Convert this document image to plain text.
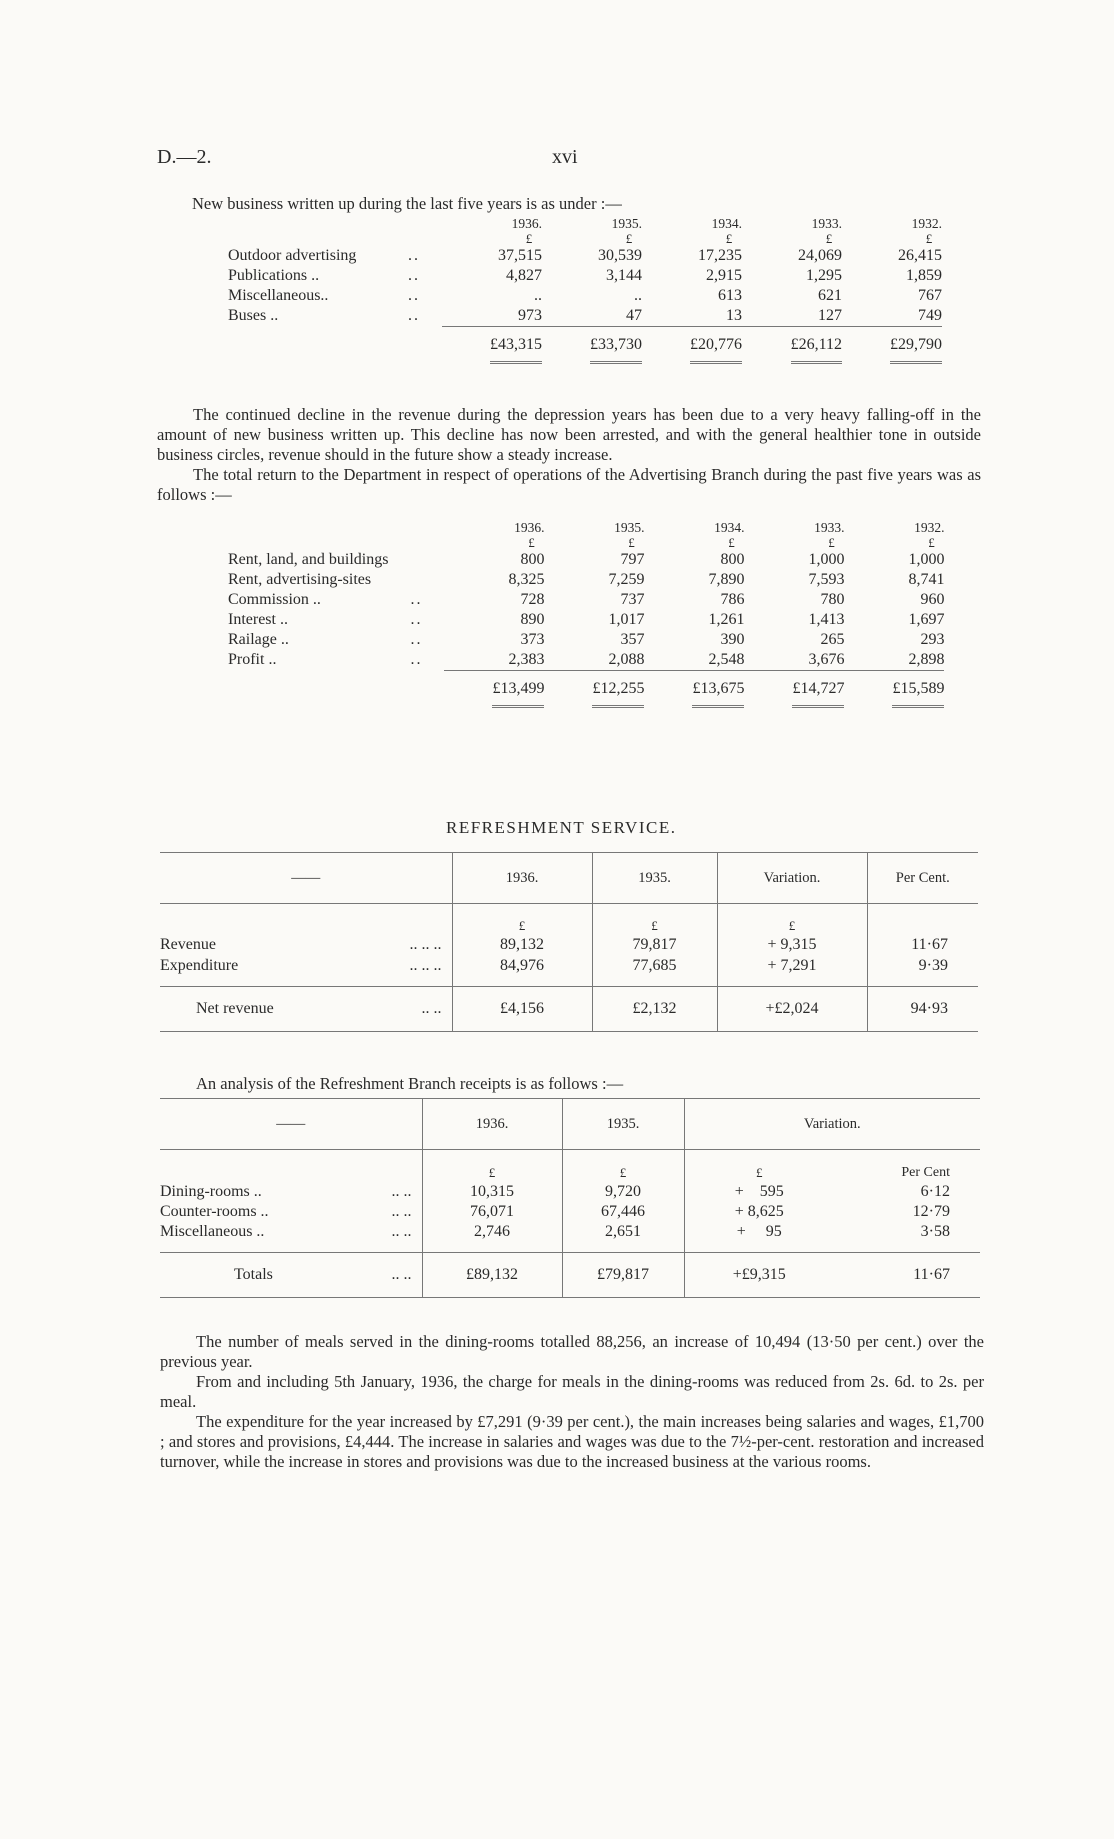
D.—2.	xvi

New business written up during the last five years is as under :—

		1936.	1935.	1934.	1933.	1932.
		£	£	£	£	£
Outdoor advertising	..	37,515	30,539	17,235	24,069	26,415
Publications ..	..	4,827	3,144	2,915	1,295	1,859
Miscellaneous..	..	..	..	613	621	767
Buses ..	..	973	47	13	127	749
		£43,315	£33,730	£20,776	£26,112	£29,790

The continued decline in the revenue during the depression years has been due to a very heavy falling-off in the amount of new business written up. This decline has now been arrested, and with the general healthier tone in outside business circles, revenue should in the future show a steady increase.

The total return to the Department in respect of operations of the Advertising Branch during the past five years was as follows :—

		1936.	1935.	1934.	1933.	1932.
		£	£	£	£	£
Rent, land, and buildings		800	797	800	1,000	1,000
Rent, advertising-sites		8,325	7,259	7,890	7,593	8,741
Commission ..	..	728	737	786	780	960
Interest ..	..	890	1,017	1,261	1,413	1,697
Railage ..	..	373	357	390	265	293
Profit ..	..	2,383	2,088	2,548	3,676	2,898
		£13,499	£12,255	£13,675	£14,727	£15,589
REFRESHMENT SERVICE.
——	1936.	1935.	Variation.	Per Cent.

	£	£	£	
Revenue .. .. ..	89,132	79,817	+ 9,315	11·67
Expenditure .. .. ..	84,976	77,685	+ 7,291	9·39

Net revenue .. ..	£4,156	£2,132	+£2,024	94·93

An analysis of the Refreshment Branch receipts is as follows :—

——	1936.	1935.	Variation.	

	£	£	£	Per Cent
Dining-rooms .. .. ..	10,315	9,720	+    595	6·12
Counter-rooms .. .. ..	76,071	67,446	+ 8,625	12·79
Miscellaneous .. .. ..	2,746	2,651	+     95	3·58

Totals .. ..	£89,132	£79,817	+£9,315	11·67

The number of meals served in the dining-rooms totalled 88,256, an increase of 10,494 (13·50 per cent.) over the previous year.

From and including 5th January, 1936, the charge for meals in the dining-rooms was reduced from 2s. 6d. to 2s. per meal.

The expenditure for the year increased by £7,291 (9·39 per cent.), the main increases being salaries and wages, £1,700 ; and stores and provisions, £4,444. The increase in salaries and wages was due to the 7½-per-cent. restoration and increased turnover, while the increase in stores and provisions was due to the increased business at the various rooms.
